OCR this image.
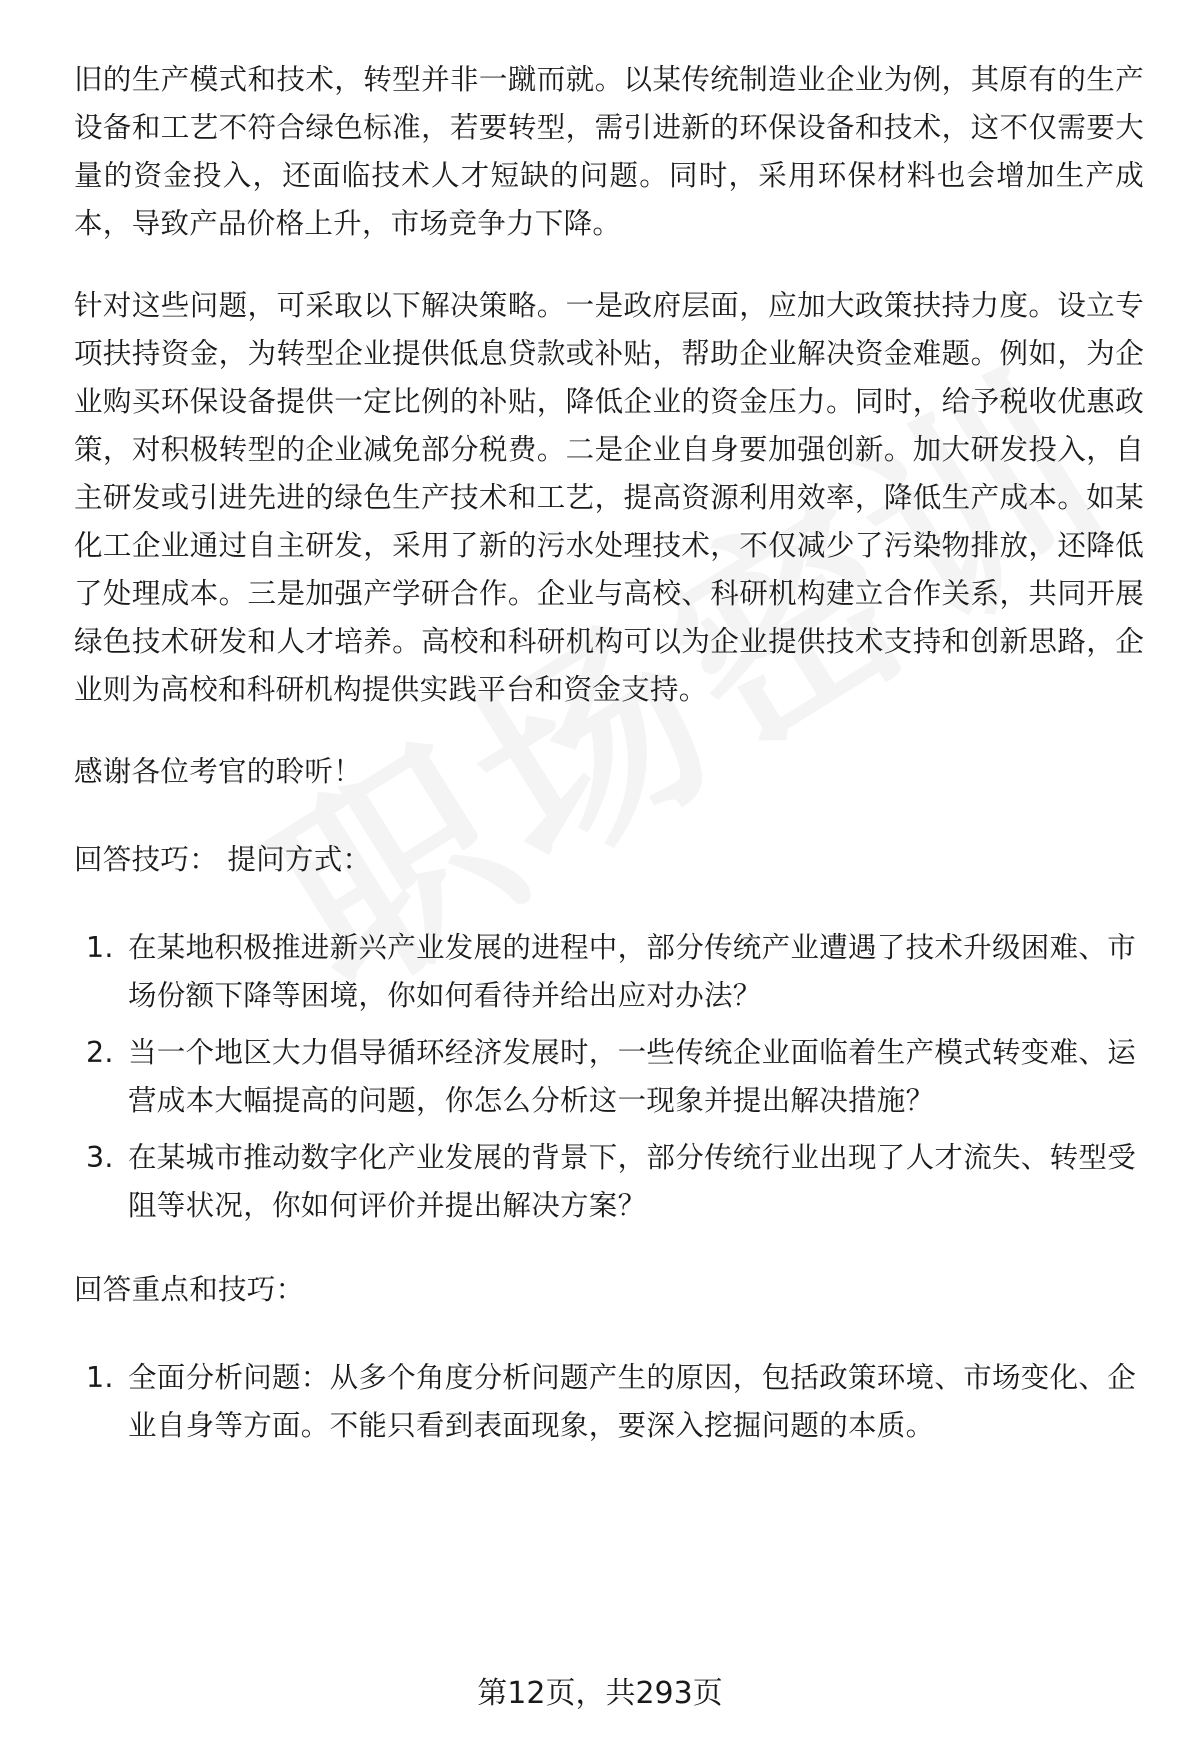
旧的生产模式和技术，转型并非一蹴而就。以某传统制造业企业为例，其原有的生产设备和工艺不符合绿色标准，若要转型，需引进新的环保设备和技术，这不仅需要大量的资金投入，还面临技术人才短缺的问题。同时，采用环保材料也会增加生产成本，导致产品价格上升，市场竞争力下降。

针对这些问题，可采取以下解决策略。一是政府层面，应加大政策扶持力度。设立专项扶持资金，为转型企业提供低息贷款或补贴，帮助企业解决资金难题。例如，为企业购买环保设备提供一定比例的补贴，降低企业的资金压力。同时，给予税收优惠政策，对积极转型的企业减免部分税费。二是企业自身要加强创新。加大研发投入，自主研发或引进先进的绿色生产技术和工艺，提高资源利用效率，降低生产成本。如某化工企业通过自主研发，采用了新的污水处理技术，不仅减少了污染物排放，还降低了处理成本。三是加强产学研合作。企业与高校、科研机构建立合作关系，共同开展绿色技术研发和人才培养。高校和科研机构可以为企业提供技术支持和创新思路，企业则为高校和科研机构提供实践平台和资金支持。

感谢各位考官的聆听！

回答技巧： 提问方式：

1. 在某地积极推进新兴产业发展的进程中，部分传统产业遭遇了技术升级困难、市场份额下降等困境，你如何看待并给出应对办法？
2. 当一个地区大力倡导循环经济发展时，一些传统企业面临着生产模式转变难、运营成本大幅提高的问题，你怎么分析这一现象并提出解决措施？
3. 在某城市推动数字化产业发展的背景下，部分传统行业出现了人才流失、转型受阻等状况，你如何评价并提出解决方案？

回答重点和技巧：

1. 全面分析问题：从多个角度分析问题产生的原因，包括政策环境、市场变化、企业自身等方面。不能只看到表面现象，要深入挖掘问题的本质。
第12页，共293页
